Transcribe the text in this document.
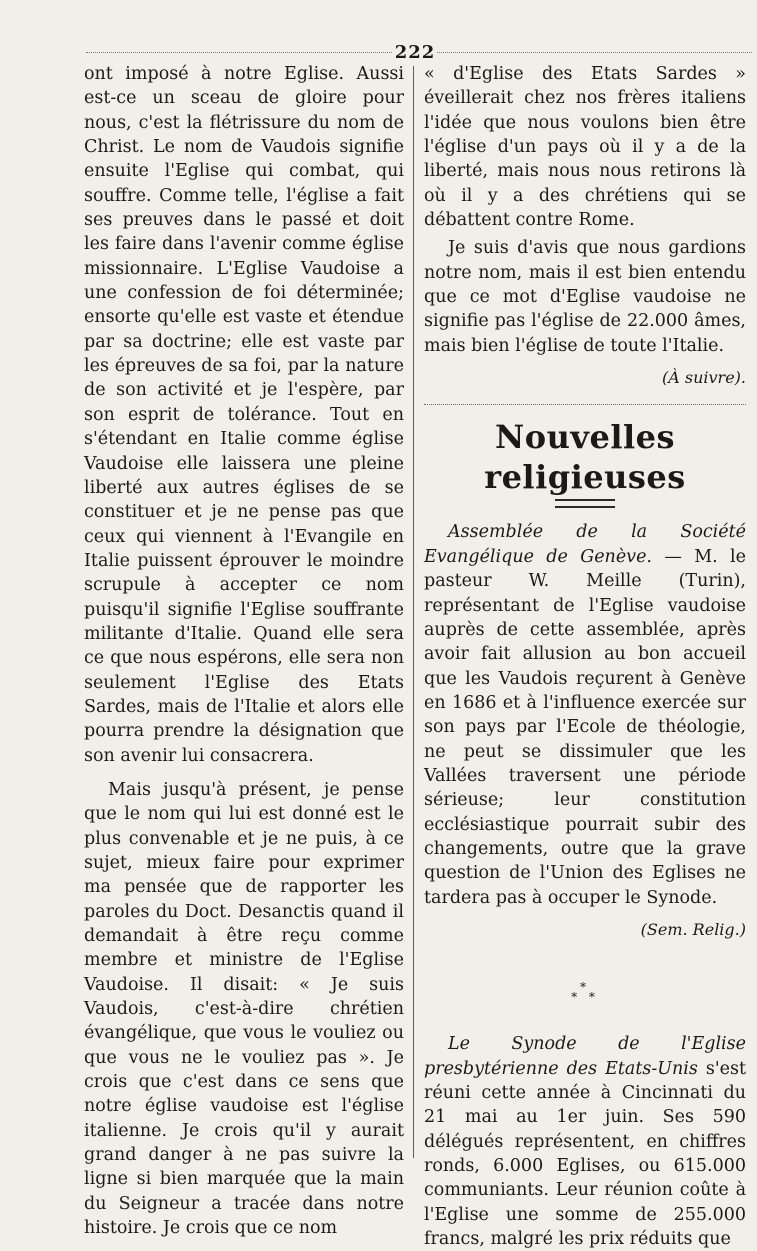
222

ont imposé à notre Eglise. Aussi est-ce un sceau de gloire pour nous, c'est la flétrissure du nom de Christ. Le nom de Vaudois signifie ensuite l'Eglise qui combat, qui souffre. Comme telle, l'église a fait ses preuves dans le passé et doit les faire dans l'avenir comme église missionnaire. L'Eglise Vaudoise a une confession de foi déterminée; ensorte qu'elle est vaste et étendue par sa doctrine; elle est vaste par les épreuves de sa foi, par la nature de son activité et je l'espère, par son esprit de tolérance. Tout en s'étendant en Italie comme église Vaudoise elle laissera une pleine liberté aux autres églises de se constituer et je ne pense pas que ceux qui viennent à l'Evangile en Italie puissent éprouver le moindre scrupule à accepter ce nom puisqu'il signifie l'Eglise souffrante militante d'Italie. Quand elle sera ce que nous espérons, elle sera non seulement l'Eglise des Etats Sardes, mais de l'Italie et alors elle pourra prendre la désignation que son avenir lui consacrera.

Mais jusqu'à présent, je pense que le nom qui lui est donné est le plus convenable et je ne puis, à ce sujet, mieux faire pour exprimer ma pensée que de rapporter les paroles du Doct. Desanctis quand il demandait à être reçu comme membre et ministre de l'Eglise Vaudoise. Il disait: « Je suis Vaudois, c'est-à-dire chrétien évangélique, que vous le vouliez ou que vous ne le vouliez pas ». Je crois que c'est dans ce sens que notre église vaudoise est l'église italienne. Je crois qu'il y aurait grand danger à ne pas suivre la ligne si bien marquée que la main du Seigneur a tracée dans notre histoire. Je crois que ce nom

« d'Eglise des Etats Sardes » éveillerait chez nos frères italiens l'idée que nous voulons bien être l'église d'un pays où il y a de la liberté, mais nous nous retirons là où il y a des chrétiens qui se débattent contre Rome.

Je suis d'avis que nous gardions notre nom, mais il est bien entendu que ce mot d'Eglise vaudoise ne signifie pas l'église de 22.000 âmes, mais bien l'église de toute l'Italie.

(À suivre).
Nouvelles religieuses

Assemblée de la Société Evangélique de Genève. — M. le pasteur W. Meille (Turin), représentant de l'Eglise vaudoise auprès de cette assemblée, après avoir fait allusion au bon accueil que les Vaudois reçurent à Genève en 1686 et à l'influence exercée sur son pays par l'Ecole de théologie, ne peut se dissimuler que les Vallées traversent une période sérieuse; leur constitution ecclésiastique pourrait subir des changements, outre que la grave question de l'Union des Eglises ne tardera pas à occuper le Synode.

(Sem. Relig.)
*
* *

Le Synode de l'Eglise presbytérienne des Etats-Unis s'est réuni cette année à Cincinnati du 21 mai au 1er juin. Ses 590 délégués représentent, en chiffres ronds, 6.000 Eglises, ou 615.000 communiants. Leur réunion coûte à l'Eglise une somme de 255.000 francs, malgré les prix réduits que
